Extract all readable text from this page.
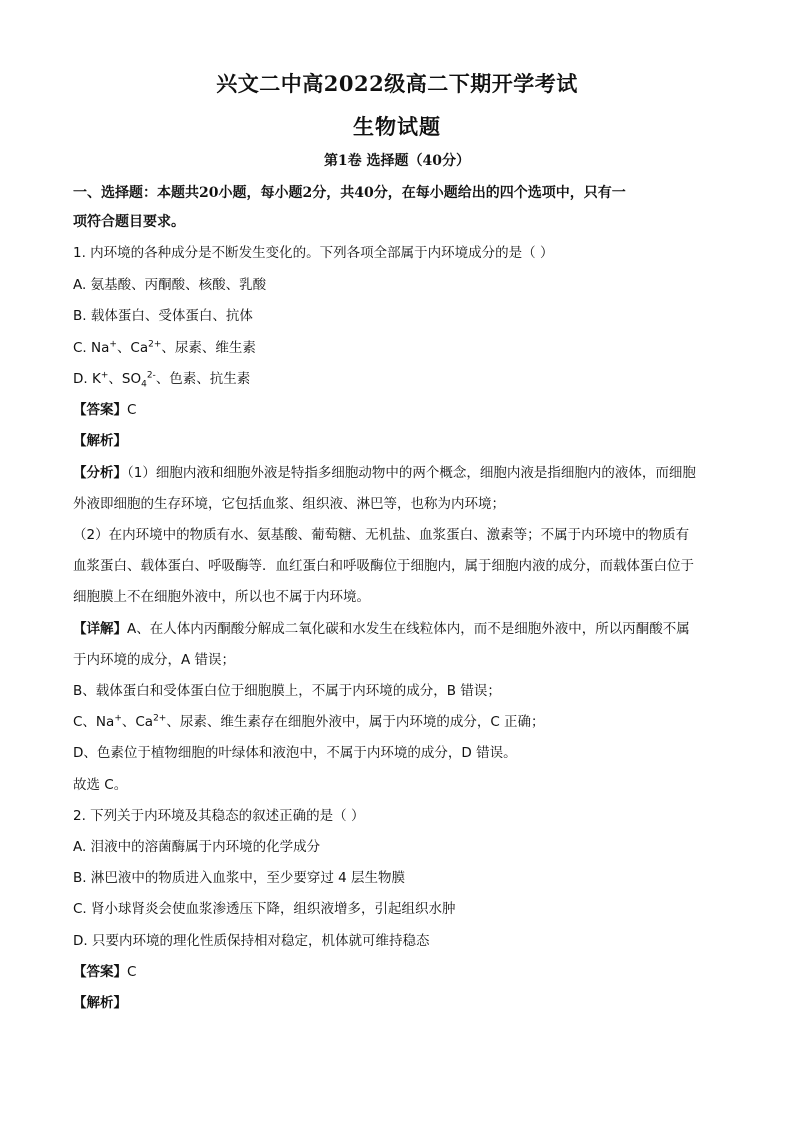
兴文二中高2022级高二下期开学考试
生物试题
第1卷 选择题（40分）
一、选择题：本题共20小题，每小题2分，共40分，在每小题给出的四个选项中，只有一
项符合题目要求。
1. 内环境的各种成分是不断发生变化的。下列各项全部属于内环境成分的是（ ）
A. 氨基酸、丙酮酸、核酸、乳酸
B. 载体蛋白、受体蛋白、抗体
C. Na+、$Ca^{2+}$、尿素、维生素
D. K+、$SO_4^{2-}$、色素、抗生素
【答案】C
【解析】
【分析】（1）细胞内液和细胞外液是特指多细胞动物中的两个概念，细胞内液是指细胞内的液体，而细胞
外液即细胞的生存环境，它包括血浆、组织液、淋巴等，也称为内环境；
（2）在内环境中的物质有水、氨基酸、葡萄糖、无机盐、血浆蛋白、激素等；不属于内环境中的物质有
血浆蛋白、载体蛋白、呼吸酶等．血红蛋白和呼吸酶位于细胞内，属于细胞内液的成分，而载体蛋白位于
细胞膜上不在细胞外液中，所以也不属于内环境。
【详解】A、在人体内丙酮酸分解成二氧化碳和水发生在线粒体内，而不是细胞外液中，所以丙酮酸不属
于内环境的成分，A 错误；
B、载体蛋白和受体蛋白位于细胞膜上，不属于内环境的成分，B 错误；
C、Na+、$Ca^{2+}$、尿素、维生素存在细胞外液中，属于内环境的成分，C 正确；
D、色素位于植物细胞的叶绿体和液泡中，不属于内环境的成分，D 错误。
故选 C。
2. 下列关于内环境及其稳态的叙述正确的是（ ）
A. 泪液中的溶菌酶属于内环境的化学成分
B. 淋巴液中的物质进入血浆中，至少要穿过 4 层生物膜
C. 肾小球肾炎会使血浆渗透压下降，组织液增多，引起组织水肿
D. 只要内环境的理化性质保持相对稳定，机体就可维持稳态
【答案】C
【解析】
